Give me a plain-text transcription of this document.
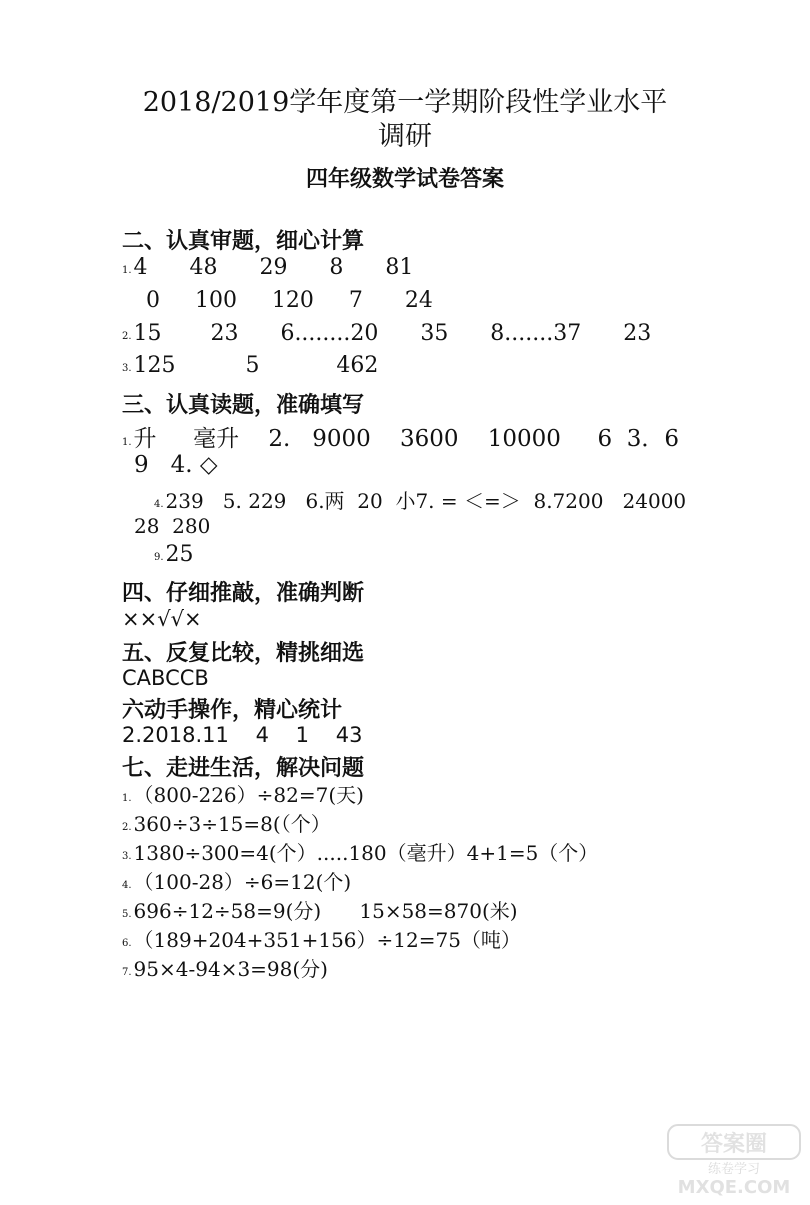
2018/2019学年度第一学期阶段性学业水平
调研
四年级数学试卷答案
二、认真审题，细心计算
1.4      48      29      8      81
0     100     120     7      24
2.15       23      6........20      35      8.......37      23
3.125          5           462
三、认真读题，准确填写
1.升     毫升    2.   9000    3600    10000     6  3．6
9   4. ◇
4. 239   5. 229   6.两  20  小7. = ＜=＞  8.7200   24000
28  280
9.25
四、仔细推敲，准确判断
××√√×
五、反复比较，精挑细选
CABCCB
六动手操作，精心统计
2.2018.11    4    1    43
七、走进生活，解决问题
1. （800-226）÷82=7(天)
2. 360÷3÷15=8(（个）
3. 1380÷300=4(个）.....180（毫升）4+1=5（个）
4. （100-28）÷6=12(个)
5. 696÷12÷58=9(分)      15×58=870(米)
6. （189+204+351+156）÷12=75（吨）
7. 95×4-94×3=98(分)
答案圈
练卷学习
MXQE.COM
